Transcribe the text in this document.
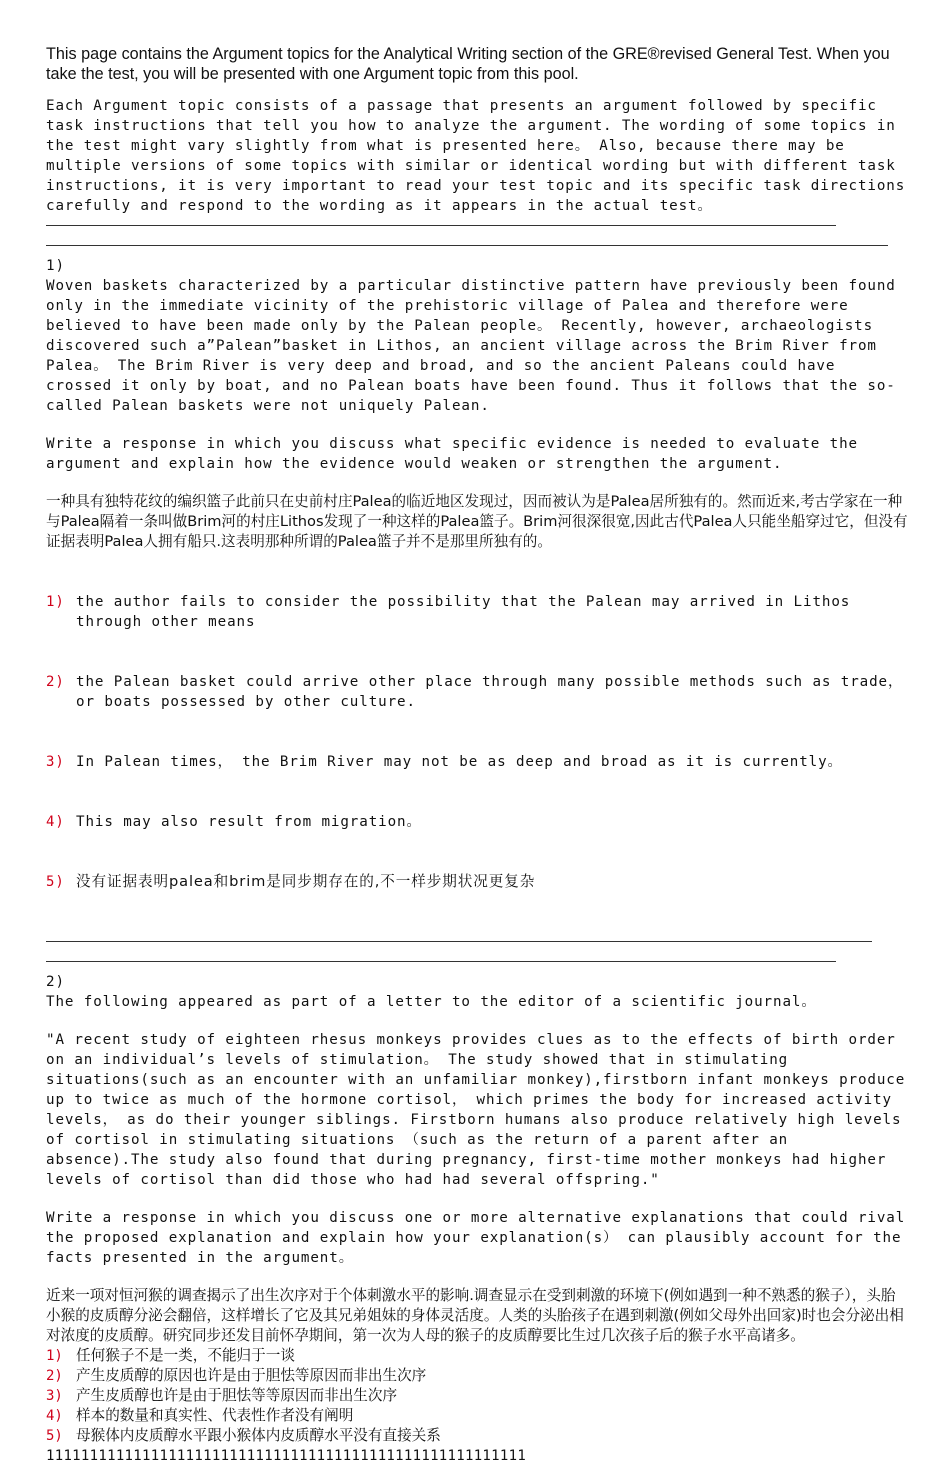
This page contains the Argument topics for the Analytical Writing section of the GRE®revised General Test. When you take the test, you will be presented with one Argument topic from this pool.

Each Argument topic consists of a passage that presents an argument followed by specific task instructions that tell you how to analyze the argument. The wording of some topics in the test might vary slightly from what is presented here。 Also, because there may be multiple versions of some topics with similar or identical wording but with different task instructions, it is very important to read your test topic and its specific task directions carefully and respond to the wording as it appears in the actual test。

1)

Woven baskets characterized by a particular distinctive pattern have previously been found only in the immediate vicinity of the prehistoric village of Palea and therefore were believed to have been made only by the Palean people。 Recently, however, archaeologists discovered such a”Palean”basket in Lithos, an ancient village across the Brim River from Palea。 The Brim River is very deep and broad, and so the ancient Paleans could have crossed it only by boat, and no Palean boats have been found. Thus it follows that the so-called Palean baskets were not uniquely Palean.

Write a response in which you discuss what specific evidence is needed to evaluate the argument and explain how the evidence would weaken or strengthen the argument.

一种具有独特花纹的编织篮子此前只在史前村庄Palea的临近地区发现过，因而被认为是Palea居所独有的。然而近来,考古学家在一种与Palea隔着一条叫做Brim河的村庄Lithos发现了一种这样的Palea篮子。Brim河很深很宽,因此古代Palea人只能坐船穿过它，但没有证据表明Palea人拥有船只.这表明那种所谓的Palea篮子并不是那里所独有的。

1) the author fails to consider the possibility that the Palean may arrived in Lithos through other means

2) the Palean basket could arrive other place through many possible methods such as trade， or boats possessed by other culture.

3) In Palean times， the Brim River may not be as deep and broad as it is currently。

4) This may also result from migration。

5) 没有证据表明palea和brim是同步期存在的,不一样步期状况更复杂

2)

The following appeared as part of a letter to the editor of a scientific journal。

"A recent study of eighteen rhesus monkeys provides clues as to the effects of birth order on an individual’s levels of stimulation。 The study showed that in stimulating situations(such as an encounter with an unfamiliar monkey),firstborn infant monkeys produce up to twice as much of the hormone cortisol， which primes the body for increased activity levels， as do their younger siblings. Firstborn humans also produce relatively high levels of cortisol in stimulating situations （such as the return of a parent after an absence).The study also found that during pregnancy, first-time mother monkeys had higher levels of cortisol than did those who had had several offspring."

Write a response in which you discuss one or more alternative explanations that could rival the proposed explanation and explain how your explanation(s） can plausibly account for the facts presented in the argument。

近来一项对恒河猴的调查揭示了出生次序对于个体刺激水平的影响.调查显示在受到刺激的环境下(例如遇到一种不熟悉的猴子），头胎小猴的皮质醇分泌会翻倍，这样增长了它及其兄弟姐妹的身体灵活度。人类的头胎孩子在遇到刺激(例如父母外出回家)时也会分泌出相对浓度的皮质醇。研究同步还发目前怀孕期间，第一次为人母的猴子的皮质醇要比生过几次孩子后的猴子水平高诸多。

1) 任何猴子不是一类，不能归于一谈
2) 产生皮质醇的原因也许是由于胆怯等原因而非出生次序
3) 产生皮质醇也许是由于胆怯等等原因而非出生次序
4) 样本的数量和真实性、代表性作者没有阐明
5) 母猴体内皮质醇水平跟小猴体内皮质醇水平没有直接关系
1111111111111111111111111111111111111111111111111111111
